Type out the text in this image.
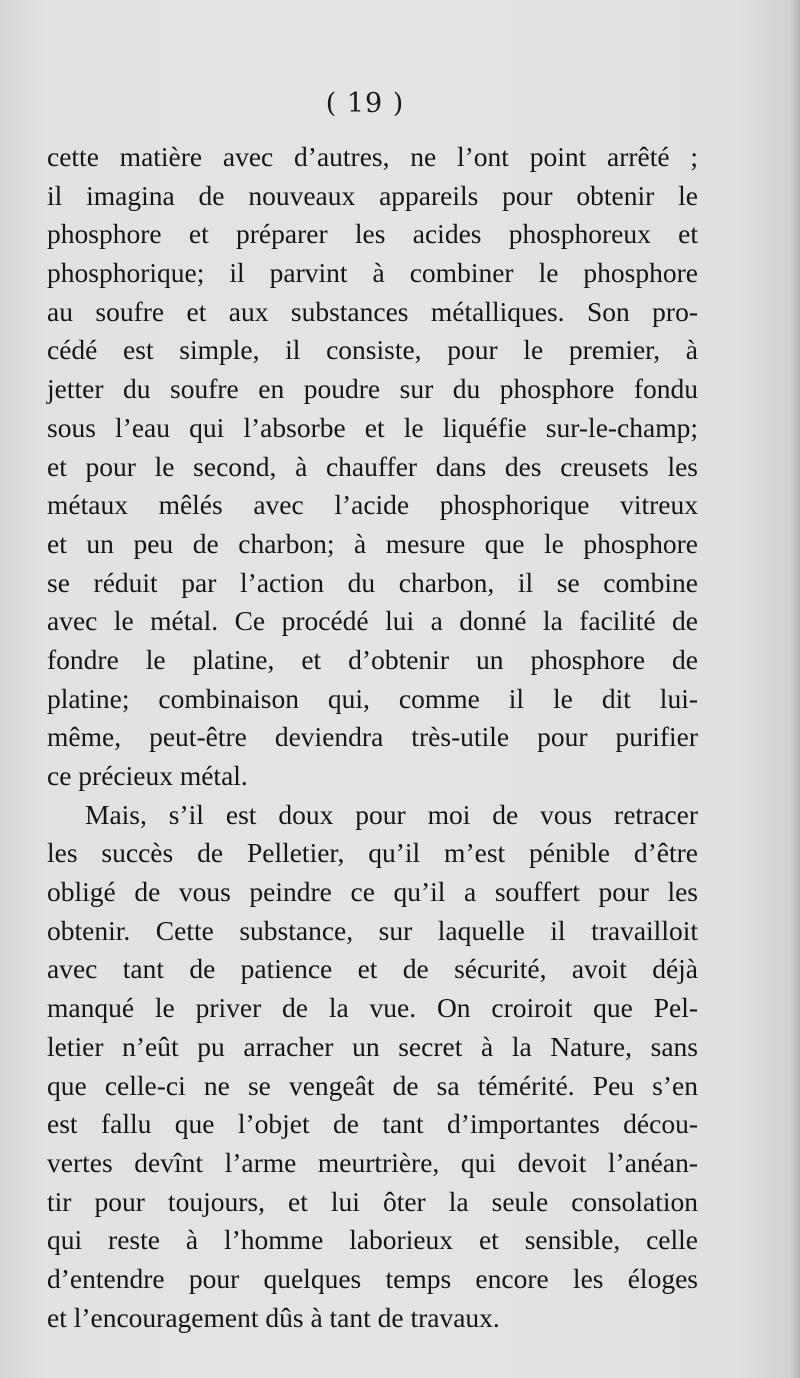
( 19 )

cette matière avec d’autres, ne l’ont point arrêté ;
il imagina de nouveaux appareils pour obtenir le
phosphore et préparer les acides phosphoreux et
phosphorique; il parvint à combiner le phosphore
au soufre et aux substances métalliques. Son pro-
cédé est simple, il consiste, pour le premier, à
jetter du soufre en poudre sur du phosphore fondu
sous l’eau qui l’absorbe et le liquéfie sur-le-champ;
et pour le second, à chauffer dans des creusets les
métaux mêlés avec l’acide phosphorique vitreux
et un peu de charbon; à mesure que le phosphore
se réduit par l’action du charbon, il se combine
avec le métal. Ce procédé lui a donné la facilité de
fondre le platine, et d’obtenir un phosphore de
platine; combinaison qui, comme il le dit lui-
même, peut-être deviendra très-utile pour purifier
ce précieux métal.
Mais, s’il est doux pour moi de vous retracer
les succès de Pelletier, qu’il m’est pénible d’être
obligé de vous peindre ce qu’il a souffert pour les
obtenir. Cette substance, sur laquelle il travailloit
avec tant de patience et de sécurité, avoit déjà
manqué le priver de la vue. On croiroit que Pel-
letier n’eût pu arracher un secret à la Nature, sans
que celle-ci ne se vengeât de sa témérité. Peu s’en
est fallu que l’objet de tant d’importantes décou-
vertes devînt l’arme meurtrière, qui devoit l’anéan-
tir pour toujours, et lui ôter la seule consolation
qui reste à l’homme laborieux et sensible, celle
d’entendre pour quelques temps encore les éloges
et l’encouragement dûs à tant de travaux.
